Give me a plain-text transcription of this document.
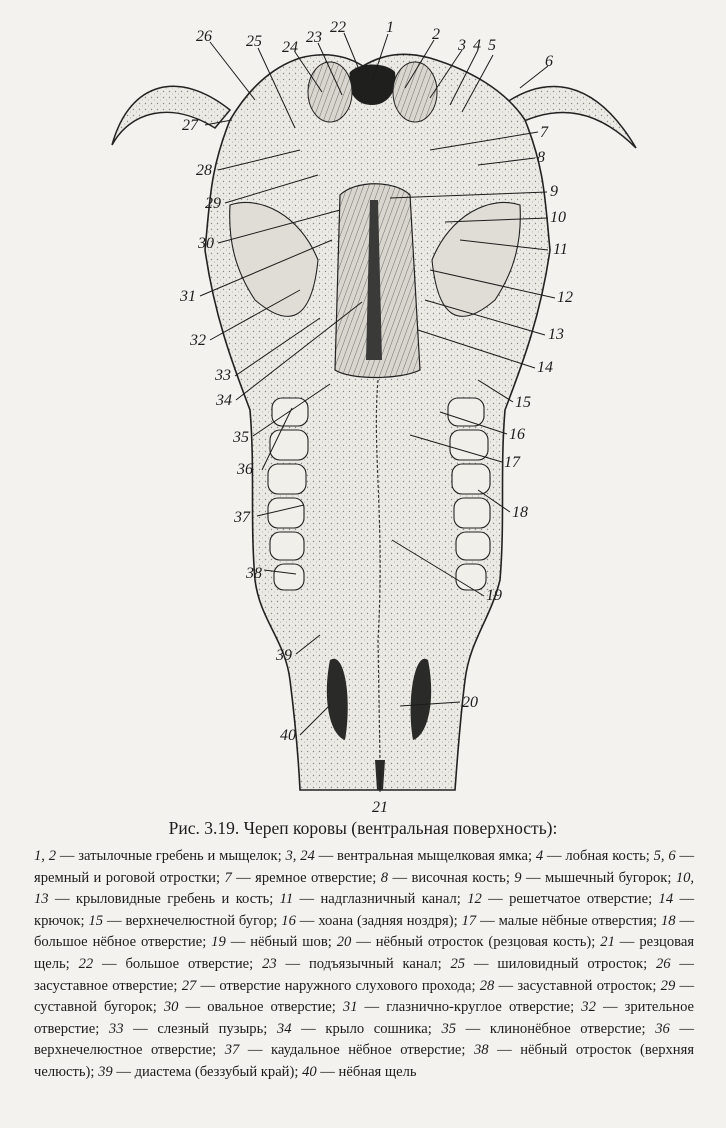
1 2
3 4 5
6
7
8
9
10
11
12
13
14
15
16
17
18
19
20
21
22
23
24
25
26
27
28
29
30
31
32
33
34
35
36
37
38
39
40
Рис. 3.19. Череп коровы (вентральная поверхность):
1, 2 — затылочные гребень и мыщелок; 3, 24 — вентральная мыщелковая ямка; 4 — лобная кость; 5, 6 — яремный и роговой отростки; 7 — яремное отверстие; 8 — височная кость; 9 — мышечный бугорок; 10, 13 — крыловидные гребень и кость; 11 — надглазничный канал; 12 — решетчатое отверстие; 14 — крючок; 15 — верхнечелюстной бугор; 16 — хоана (задняя ноздря); 17 — малые нёбные отверстия; 18 — большое нёбное отверстие; 19 — нёбный шов; 20 — нёбный отросток (резцовая кость); 21 — резцовая щель; 22 — большое отверстие; 23 — подъязычный канал; 25 — шиловидный отросток; 26 — засуставное отверстие; 27 — отверстие наружного слухового прохода; 28 — засуставной отросток; 29 — суставной бугорок; 30 — овальное отверстие; 31 — глазнично-круглое отверстие; 32 — зрительное отверстие; 33 — слезный пузырь; 34 — крыло сошника; 35 — клинонёбное отверстие; 36 — верхнечелюстное отверстие; 37 — каудальное нёбное отверстие; 38 — нёбный отросток (верхняя челюсть); 39 — диастема (беззубый край); 40 — нёбная щель
